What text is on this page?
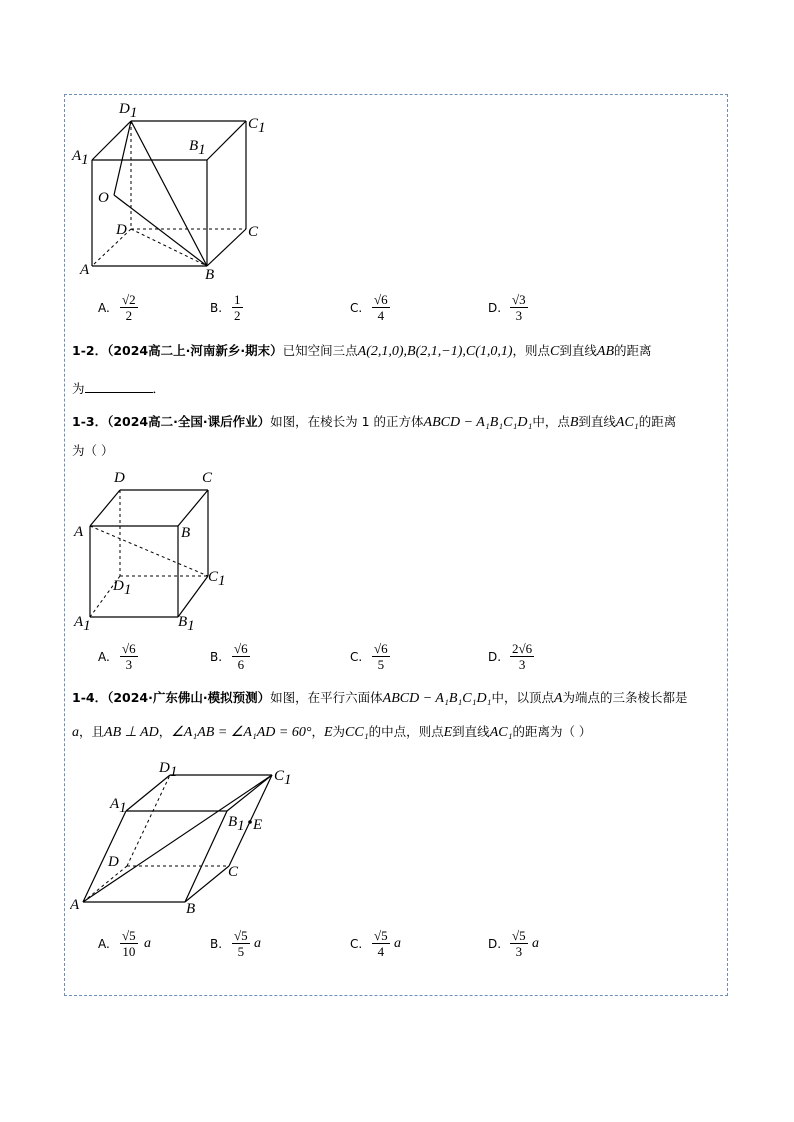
D1
C1
A1
B1
O
D	C
A	B
A. $\frac{√2}{2}$	B. $\frac{1}{2}$	C. $\frac{√6}{4}$	D. $\frac{√3}{3}$
1-2．（2024高二上·河南新乡·期末）已知空间三点A(2,1,0),B(2,1,−1),C(1,0,1)，则点C到直线AB的距离
为	．
1-3．（2024高二·全国·课后作业）如图，在棱长为 1 的正方体ABCD − A₁B₁C₁D₁中，点B到直线AC₁的距离
为（ ）
D	C
A	B
C1
D1
A1	B1
A. $\frac{√6}{3}$	B. $\frac{√6}{6}$	C. $\frac{√6}{5}$	D. $\frac{2√6}{3}$
1-4．（2024·广东佛山·模拟预测）如图，在平行六面体ABCD − A₁B₁C₁D₁中，以顶点A为端点的三条棱长都是
a，且AB ⊥ AD，∠A₁AB = ∠A₁AD = 60°，E为CC₁的中点，则点E到直线AC₁的距离为（ ）
D1	C1
A1
B1 E
D
C
A	B
A. $\frac{√5}{10}$ a	B. $\frac{√5}{5}$ a	C. $\frac{√5}{4}$ a	D. $\frac{√5}{3}$ a
